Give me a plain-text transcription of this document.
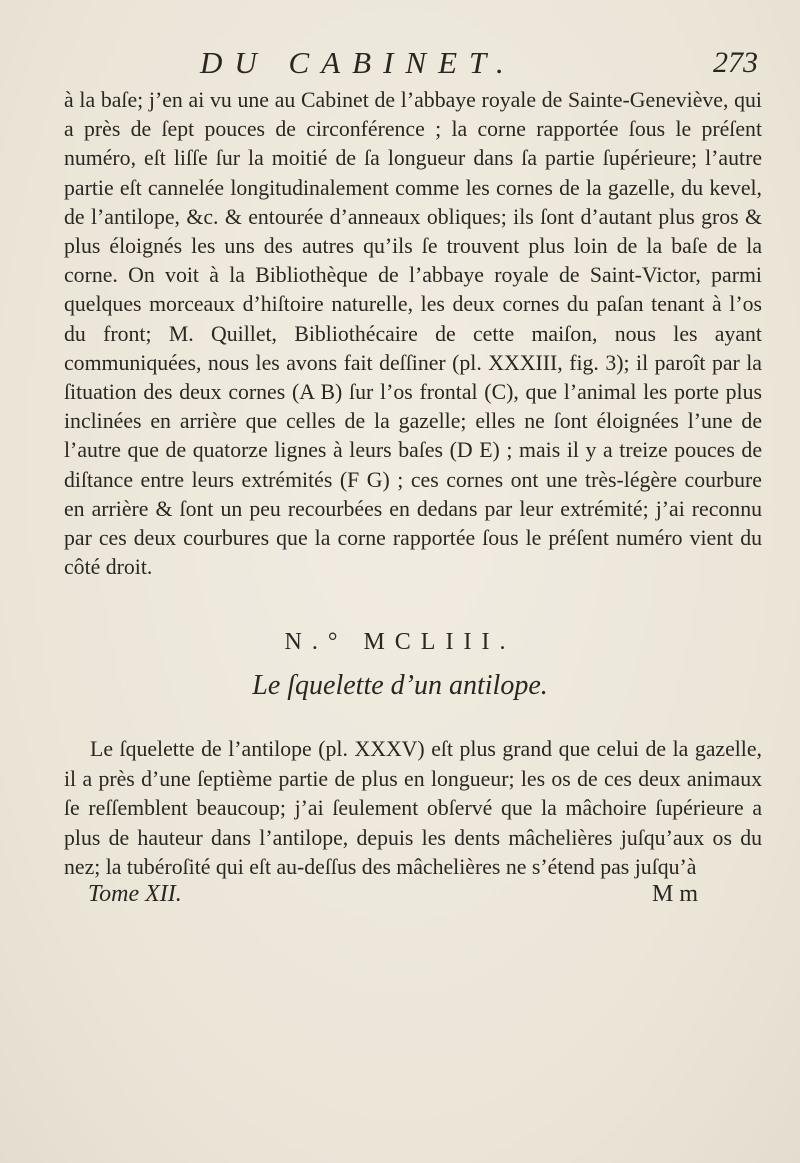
DU CABINET.	273

à la baſe; j’en ai vu une au Cabinet de l’abbaye royale de Sainte-Geneviève, qui a près de ſept pouces de circonférence ; la corne rapportée ſous le préſent numéro, eſt liſſe ſur la moitié de ſa longueur dans ſa partie ſupérieure; l’autre partie eſt cannelée longitudinalement comme les cornes de la gazelle, du kevel, de l’antilope, &c. & entourée d’anneaux obliques; ils ſont d’autant plus gros & plus éloignés les uns des autres qu’ils ſe trouvent plus loin de la baſe de la corne. On voit à la Bibliothèque de l’abbaye royale de Saint-Victor, parmi quelques morceaux d’hiſtoire naturelle, les deux cornes du paſan tenant à l’os du front; M. Quillet, Bibliothécaire de cette maiſon, nous les ayant communiquées, nous les avons fait deſſiner (pl. XXXIII, fig. 3); il paroît par la ſituation des deux cornes (A B) ſur l’os frontal (C), que l’animal les porte plus inclinées en arrière que celles de la gazelle; elles ne ſont éloignées l’une de l’autre que de quatorze lignes à leurs baſes (D E) ; mais il y a treize pouces de diſtance entre leurs extrémités (F G) ; ces cornes ont une très-légère courbure en arrière & ſont un peu recourbées en dedans par leur extrémité; j’ai reconnu par ces deux courbures que la corne rapportée ſous le préſent numéro vient du côté droit.

N.° MCLIII.
Le ſquelette d’un antilope.

Le ſquelette de l’antilope (pl. XXXV) eſt plus grand que celui de la gazelle, il a près d’une ſeptième partie de plus en longueur; les os de ces deux animaux ſe reſſemblent beaucoup; j’ai ſeulement obſervé que la mâchoire ſupérieure a plus de hauteur dans l’antilope, depuis les dents mâchelières juſqu’aux os du nez; la tubéroſité qui eſt au-deſſus des mâchelières ne s’étend pas juſqu’à

Tome XII.	M m
